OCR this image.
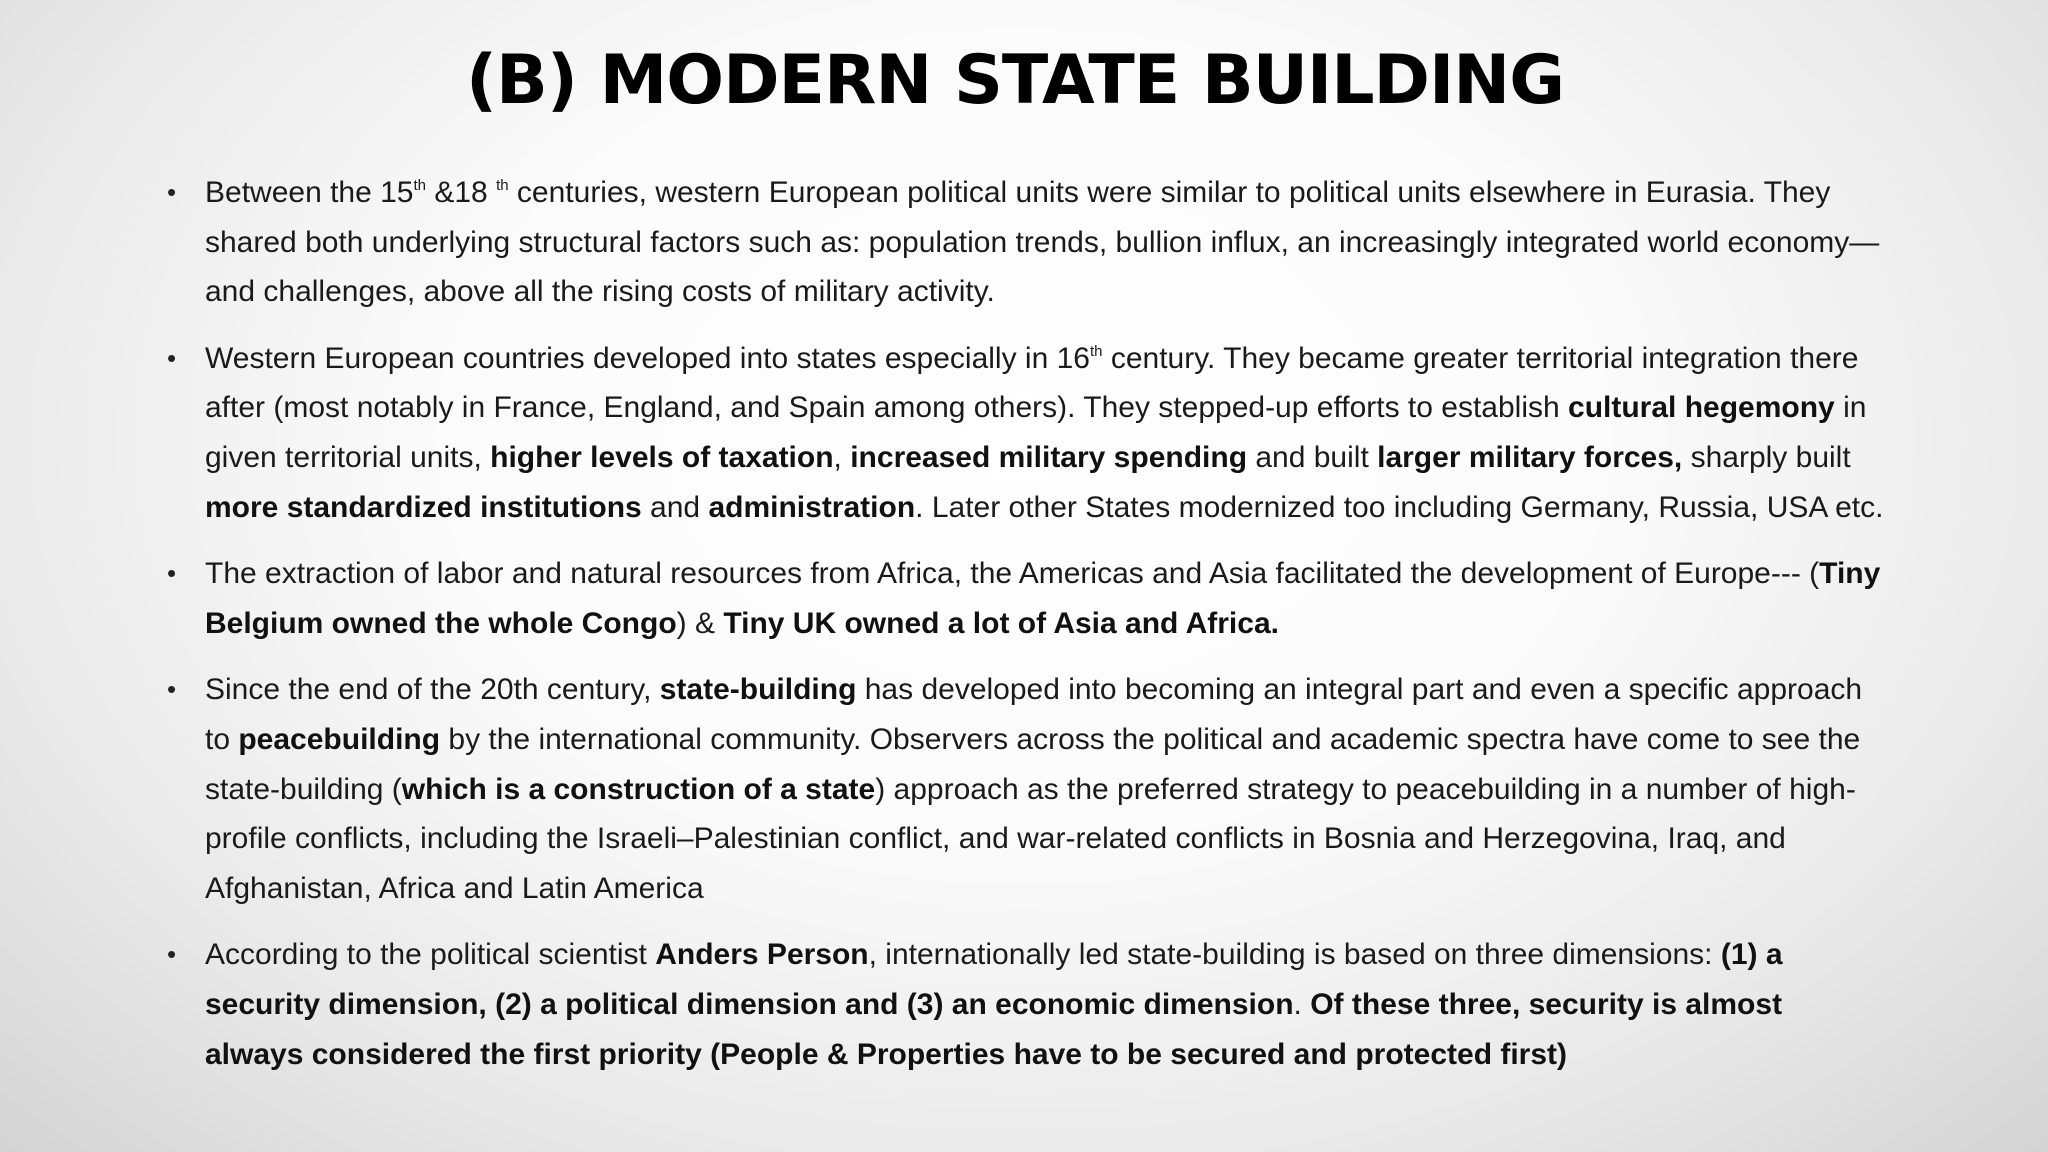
(B) MODERN STATE BUILDING
• Between the 15th &18 $^{th}$ centuries, western European political units were similar to political units elsewhere in Eurasia. They shared both underlying structural factors such as: population trends, bullion influx, an increasingly integrated world economy—and challenges, above all the rising costs of military activity.
• Western European countries developed into states especially in 16th century. They became greater territorial integration there after (most notably in France, England, and Spain among others). They stepped-up efforts to establish cultural hegemony in given territorial units, higher levels of taxation, increased military spending and built larger military forces, sharply built more standardized institutions and administration. Later other States modernized too including Germany, Russia, USA etc.
• The extraction of labor and natural resources from Africa, the Americas and Asia facilitated the development of Europe--- (Tiny Belgium owned the whole Congo) & Tiny UK owned a lot of Asia and Africa.
• Since the end of the 20th century, state-building has developed into becoming an integral part and even a specific approach to peacebuilding by the international community. Observers across the political and academic spectra have come to see the state-building (which is a construction of a state) approach as the preferred strategy to peacebuilding in a number of high-profile conflicts, including the Israeli–Palestinian conflict, and war-related conflicts in Bosnia and Herzegovina, Iraq, and Afghanistan, Africa and Latin America
• According to the political scientist Anders Person, internationally led state-building is based on three dimensions: (1) a security dimension, (2) a political dimension and (3) an economic dimension. Of these three, security is almost always considered the first priority (People & Properties have to be secured and protected first)
